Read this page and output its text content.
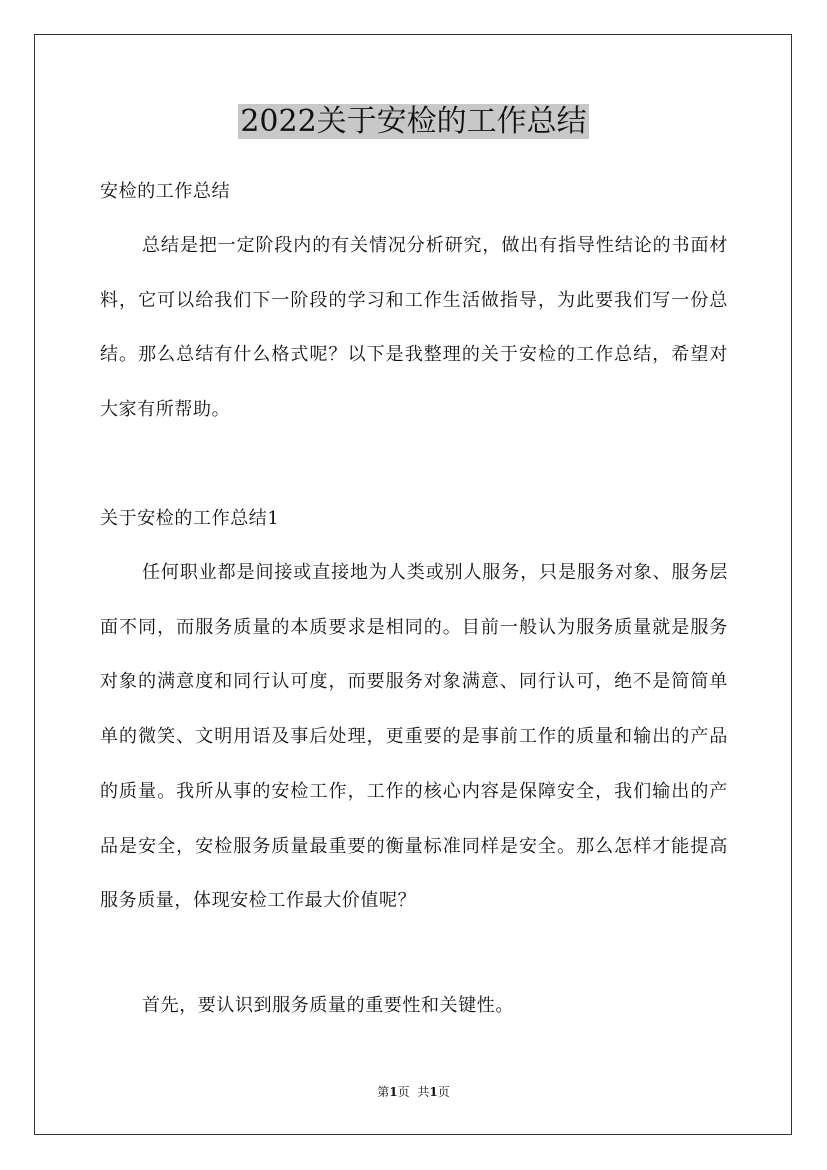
2022关于安检的工作总结

安检的工作总结

总结是把一定阶段内的有关情况分析研究，做出有指导性结论的书面材料，它可以给我们下一阶段的学习和工作生活做指导，为此要我们写一份总结。那么总结有什么格式呢？以下是我整理的关于安检的工作总结，希望对大家有所帮助。

关于安检的工作总结1

任何职业都是间接或直接地为人类或别人服务，只是服务对象、服务层面不同，而服务质量的本质要求是相同的。目前一般认为服务质量就是服务对象的满意度和同行认可度，而要服务对象满意、同行认可，绝不是简简单单的微笑、文明用语及事后处理，更重要的是事前工作的质量和输出的产品的质量。我所从事的安检工作，工作的核心内容是保障安全，我们输出的产品是安全，安检服务质量最重要的衡量标准同样是安全。那么怎样才能提高服务质量，体现安检工作最大价值呢？

首先，要认识到服务质量的重要性和关键性。

第1页 共1页
